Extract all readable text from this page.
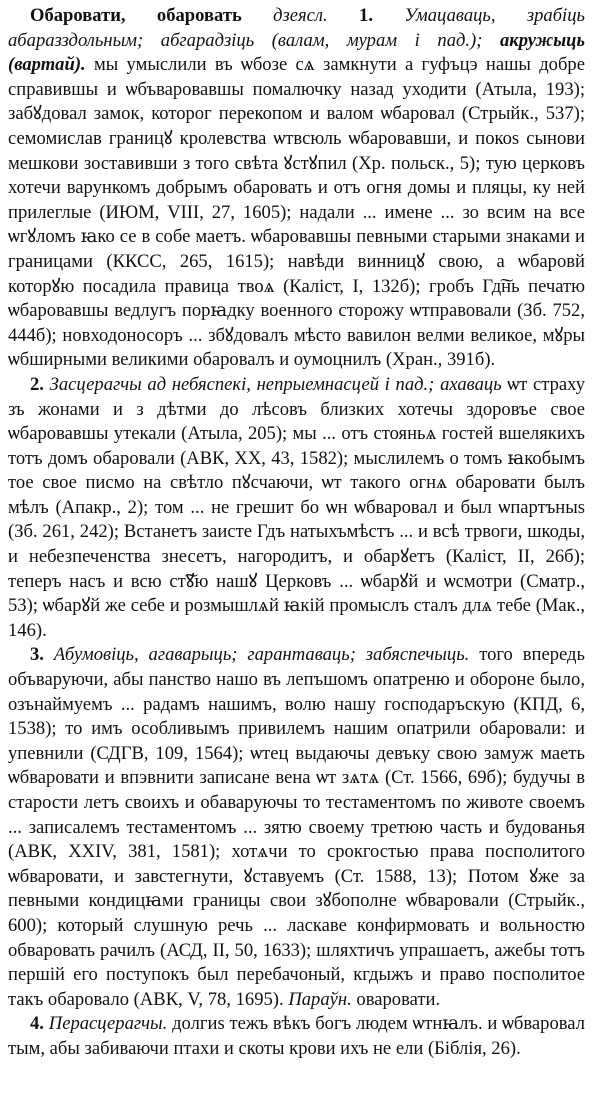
Обаровати, обаровать дзеясл. 1. Умацаваць, зрабіць абаразздольным; абгарадзіць (валам, мурам і пад.); акружыць (вартай). мы умыслили въ ѡбозе сѧ замкнути а гуфъцэ нашы добре справившы и ѡбъваровавшы помалючку назад уходити (Атыла, 193); забꙋдовал замок, которог перекопом и валом ѡбаровал (Стрыйк., 537); семомислав границꙋ кролевства ѡтвсюль ѡбаровавши, и покоѕ сынови мешкови зоставивши з того свѣта ꙋстꙋпил (Хр. польск., 5); тую церковъ хотечи варункомъ добрымъ обаровать и отъ огня домы и пляцы, ку ней прилеглые (ИЮМ, VIII, 27, 1605); надали ... имене ... зо всим на все ѡгꙋломъ ꙗко се в собе маетъ. ѡбаровавшы певными старыми знаками и границами (ККСС, 265, 1615); навѣди винницꙋ свою, а ѡбаровй которꙋю посадила правица твоѧ (Каліст, I, 132б); гробъ Гд͠нь печатю ѡбаровавшы ведлугъ порꙗдку военного сторожу ѡтправовали (Зб. 752, 444б); новходоносоръ ... збꙋдовалъ мѣсто вавилон велми великое, мꙋры ѡбширными великими обаровалъ и оумоцнилъ (Хран., 391б).

2. Засцерагчы ад небяспекі, непрыемнасцей і пад.; ахаваць ѡт страху зъ жонами и з дѣтми до лѣсовъ близких хотечы здоровъе свое ѡбаровавшы утекали (Атыла, 205); мы ... отъ стояньѧ гостей вшелякихъ тотъ домъ обаровали (АВК, XX, 43, 1582); мыслилемъ о томъ ꙗкобымъ тое свое писмо на свѣтло пꙋсчаючи, ѡт такого огнѧ обаровати былъ мѣлъ (Апакр., 2); том ... не грешит бо ѡн ѡбваровал и был ѡпартъныѕ (Зб. 261, 242); Встанетъ заисте Гдъ натыхъмѣстъ ... и всѣ трвоги, шкоды, и небезпеченства знесетъ, нагородитъ, и обарꙋетъ (Каліст, II, 26б); теперъ насъ и всю ст͠ꙋю нашꙋ Церковъ ... ѡбарꙋй и ѡсмотри (Сматр., 53); ѡбарꙋй же себе и розмышлѧй ꙗкій промыслъ сталъ длѧ тебе (Мак., 146).

3. Абумовіць, агаварыць; гарантаваць; забяспечыць. того впередь объваруючи, абы панство нашо въ лепъшомъ опатреню и обороне было, озънаймуемъ ... радамъ нашимъ, волю нашу господаръскую (КПД, 6, 1538); то имъ особливымъ привилемъ нашим опатрили обаровали: и упевнили (СДГВ, 109, 1564); ѡтец выдаючы девъку свою замуж маеть ѡбваровати и впэвнити записане вена ѡт зѧтѧ (Ст. 1566, 69б); будучы в старости летъ своихъ и обаваруючы то тестаментомъ по животе своемъ ... записалемъ тестаментомъ ... зятю своему третюю часть и будованья (АВК, XXIV, 381, 1581); хотѧчи то срокгостью права посполитого ѡбваровати, и завстегнути, ꙋставуемъ (Ст. 1588, 13); Потом ꙋже за певными кондицꙗми границы свои зꙋбополне ѡбваровали (Стрыйк., 600); который слушную речь ... ласкаве конфирмовать и вольностю обваровать рачилъ (АСД, II, 50, 1633); шляхтичъ упрашаетъ, ажебы тотъ першій его поступокъ был перебачоный, кгдыжъ и право посполитое такъ обаровало (АВК, V, 78, 1695). Параўн. оваровати.

4. Перасцерагчы. долгиѕ тежъ вѣкъ богъ людем ѡтнꙗлъ. и ѡбварoвал тым, абы забиваючи птахи и скоты крови ихъ не ели (Біблія, 26).
